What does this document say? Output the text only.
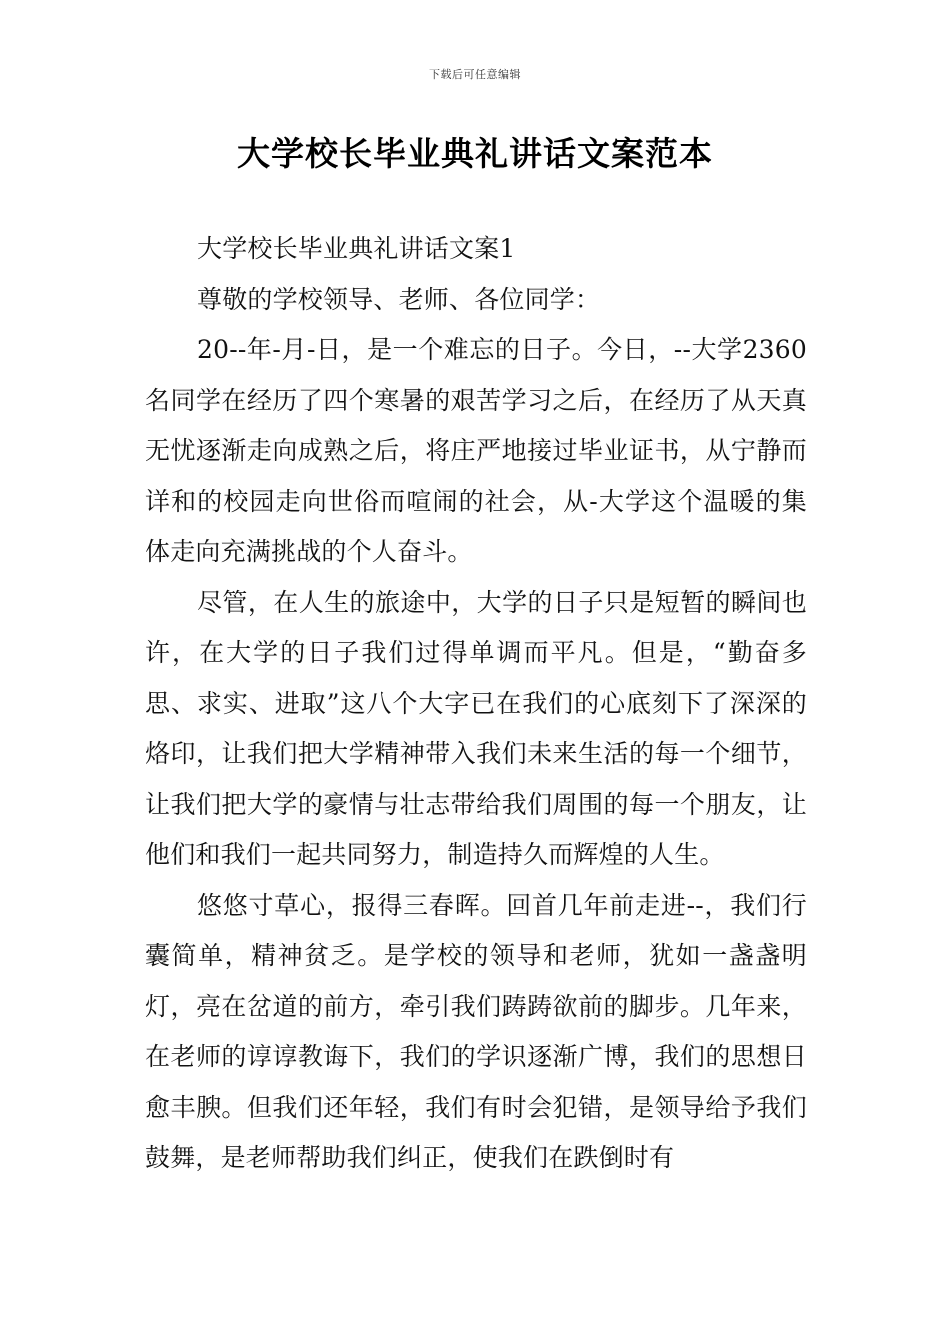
下载后可任意编辑
大学校长毕业典礼讲话文案范本

大学校长毕业典礼讲话文案1

尊敬的学校领导、老师、各位同学：

20--年-月-日，是一个难忘的日子。今日，--大学2360名同学在经历了四个寒暑的艰苦学习之后，在经历了从天真无忧逐渐走向成熟之后，将庄严地接过毕业证书，从宁静而详和的校园走向世俗而喧闹的社会，从-大学这个温暖的集体走向充满挑战的个人奋斗。

尽管，在人生的旅途中，大学的日子只是短暂的瞬间也许，在大学的日子我们过得单调而平凡。但是，“勤奋多思、求实、进取”这八个大字已在我们的心底刻下了深深的烙印，让我们把大学精神带入我们未来生活的每一个细节，让我们把大学的豪情与壮志带给我们周围的每一个朋友，让他们和我们一起共同努力，制造持久而辉煌的人生。

悠悠寸草心，报得三春晖。回首几年前走进--，我们行囊简单，精神贫乏。是学校的领导和老师，犹如一盏盏明灯，亮在岔道的前方，牵引我们踌踌欲前的脚步。几年来，在老师的谆谆教诲下，我们的学识逐渐广博，我们的思想日愈丰腴。但我们还年轻，我们有时会犯错，是领导给予我们鼓舞，是老师帮助我们纠正，使我们在跌倒时有
